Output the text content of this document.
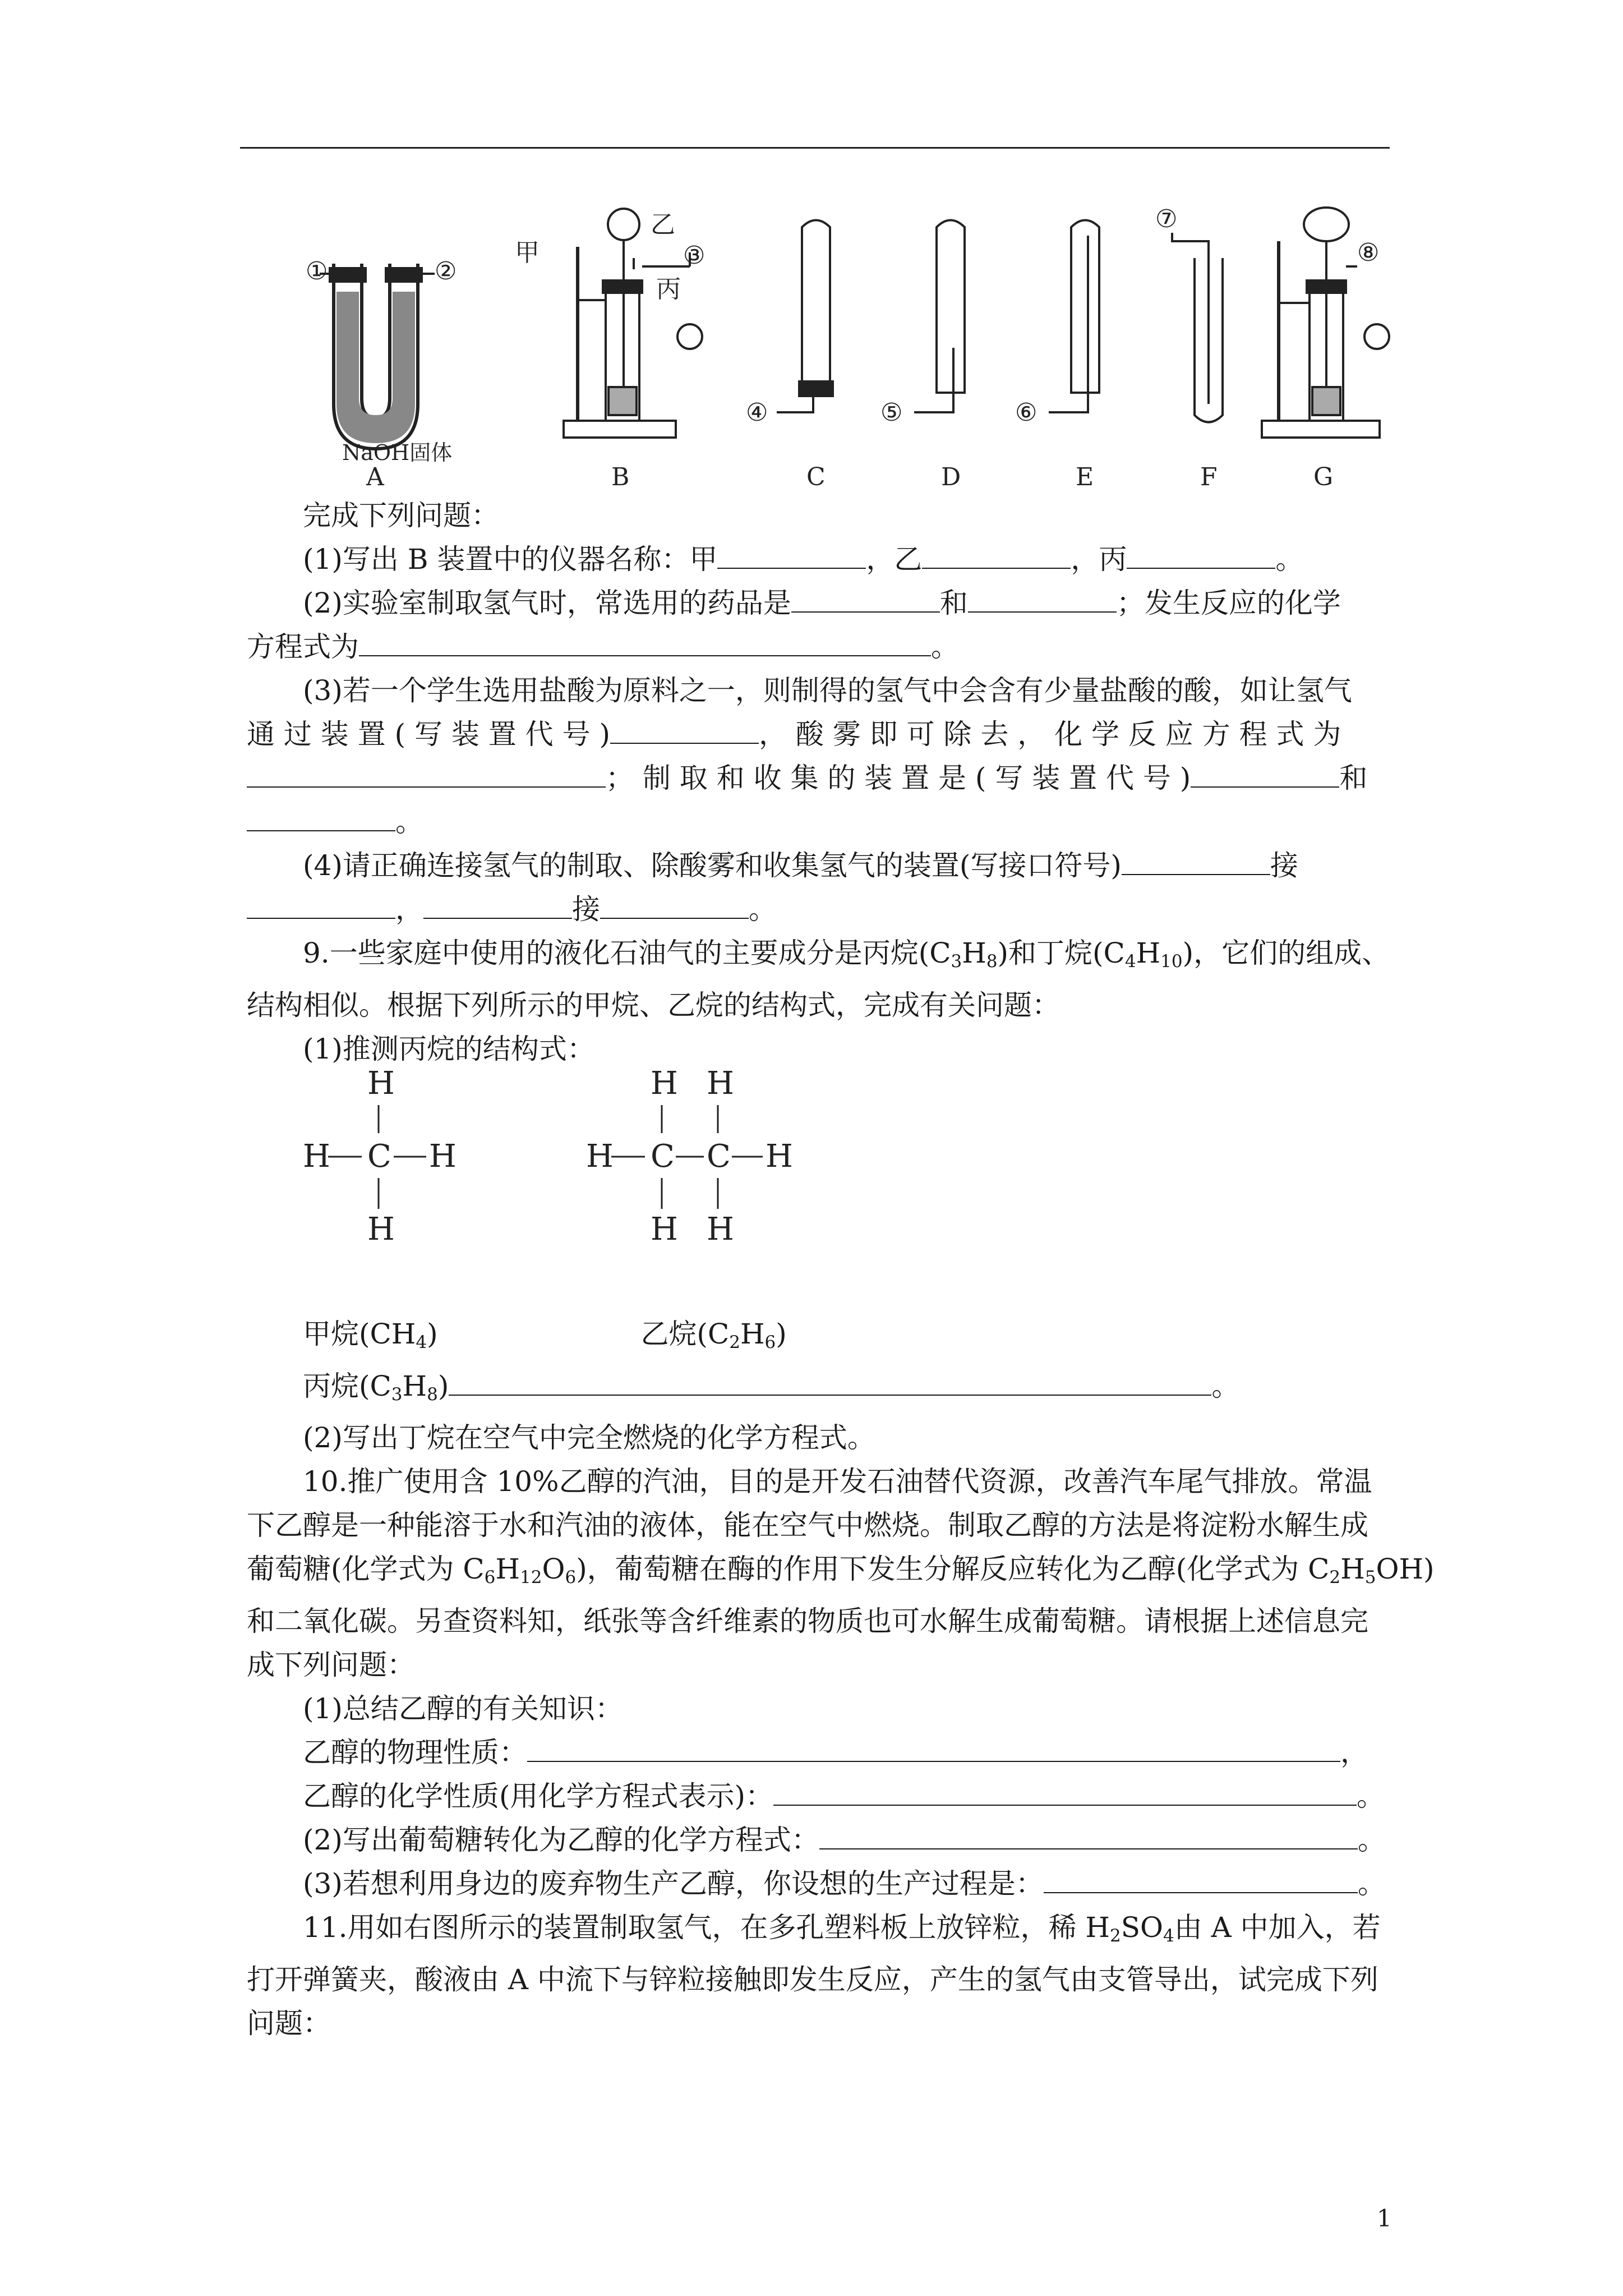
①	②
NaOH固体
A
甲
乙
③
丙
B
④
C
⑤
D
⑥
E
⑦
F
⑧
G
完成下列问题：
(1)写出 B 装置中的仪器名称：甲	，乙	，丙	。
(2)实验室制取氢气时，常选用的药品是	和	；发生反应的化学
方程式为	。
(3)若一个学生选用盐酸为原料之一，则制得的氢气中会含有少量盐酸的酸，如让氢气
通 过 装 置 ( 写 装 置 代 号 )	， 酸 雾 即 可 除 去 ， 化 学 反 应 方 程 式 为
； 制 取 和 收 集 的 装 置 是 ( 写 装 置 代 号 )	和
。
(4)请正确连接氢气的制取、除酸雾和收集氢气的装置(写接口符号)	接
，	接	。
9.一些家庭中使用的液化石油气的主要成分是丙烷$(C_3H_8)$和丁烷$(C_4H_{10})$，它们的组成、
结构相似。根据下列所示的甲烷、乙烷的结构式，完成有关问题：
(1)推测丙烷的结构式：
甲烷$(CH_4)$	乙烷$(C_2H_6)$
丙烷$(C_3H_8)$	。
(2)写出丁烷在空气中完全燃烧的化学方程式。
10.推广使用含 10%乙醇的汽油，目的是开发石油替代资源，改善汽车尾气排放。常温
下乙醇是一种能溶于水和汽油的液体，能在空气中燃烧。制取乙醇的方法是将淀粉水解生成
葡萄糖(化学式为 $C_6H_{12}O_6$)，葡萄糖在酶的作用下发生分解反应转化为乙醇(化学式为 $C_2H_5OH$)
和二氧化碳。另查资料知，纸张等含纤维素的物质也可水解生成葡萄糖。请根据上述信息完
成下列问题：
(1)总结乙醇的有关知识：
乙醇的物理性质：	，
乙醇的化学性质(用化学方程式表示)：	。
(2)写出葡萄糖转化为乙醇的化学方程式：	。
(3)若想利用身边的废弃物生产乙醇，你设想的生产过程是：	。
11.用如右图所示的装置制取氢气，在多孔塑料板上放锌粒，稀 $H_2SO_4$由 A 中加入，若
打开弹簧夹，酸液由 A 中流下与锌粒接触即发生反应，产生的氢气由支管导出，试完成下列
问题：
H
H C H
H
H H
H C C H
H H
1
